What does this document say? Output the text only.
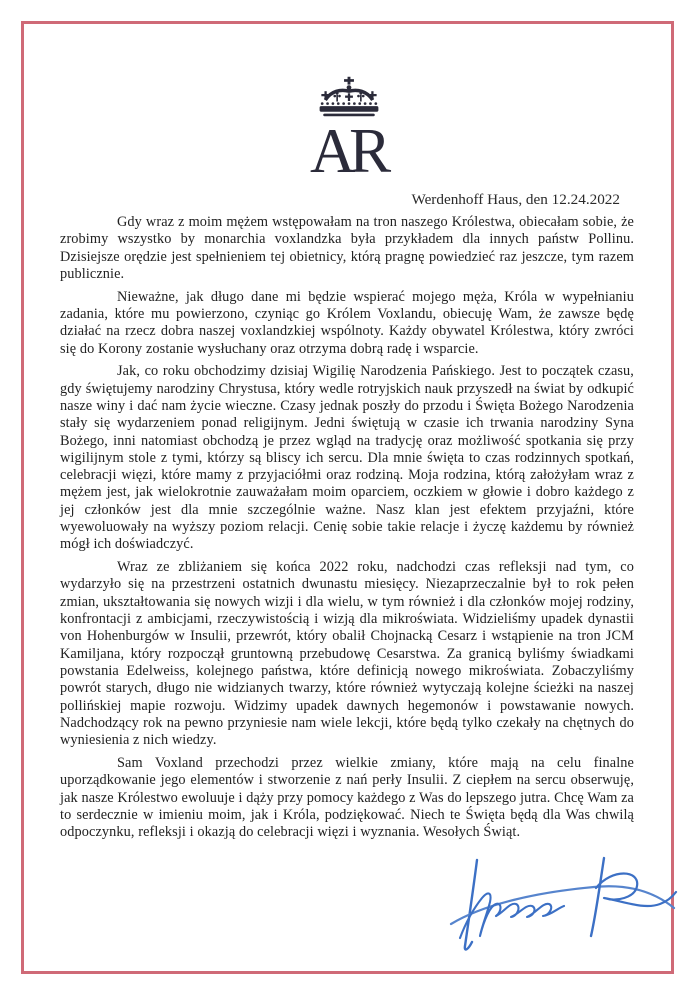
AR
Werdenhoff Haus, den 12.24.2022

Gdy wraz z moim mężem wstępowałam na tron naszego Królestwa, obiecałam sobie, że zrobimy wszystko by monarchia voxlandzka była przykładem dla innych państw Pollinu. Dzisiejsze orędzie jest spełnieniem tej obietnicy, którą pragnę powiedzieć raz jeszcze, tym razem publicznie.

Nieważne, jak długo dane mi będzie wspierać mojego męża, Króla w wypełnianiu zadania, które mu powierzono, czyniąc go Królem Voxlandu, obiecuję Wam, że zawsze będę działać na rzecz dobra naszej voxlandzkiej wspólnoty. Każdy obywatel Królestwa, który zwróci się do Korony zostanie wysłuchany oraz otrzyma dobrą radę i wsparcie.

Jak, co roku obchodzimy dzisiaj Wigilię Narodzenia Pańskiego. Jest to początek czasu, gdy świętujemy narodziny Chrystusa, który wedle rotryjskich nauk przyszedł na świat by odkupić nasze winy i dać nam życie wieczne. Czasy jednak poszły do przodu i Święta Bożego Narodzenia stały się wydarzeniem ponad religijnym. Jedni świętują w czasie ich trwania narodziny Syna Bożego, inni natomiast obchodzą je przez wgląd na tradycję oraz możliwość spotkania się przy wigilijnym stole z tymi, którzy są bliscy ich sercu. Dla mnie święta to czas rodzinnych spotkań, celebracji więzi, które mamy z przyjaciółmi oraz rodziną. Moja rodzina, którą założyłam wraz z mężem jest, jak wielokrotnie zauważałam moim oparciem, oczkiem w głowie i dobro każdego z jej członków jest dla mnie szczególnie ważne. Nasz klan jest efektem przyjaźni, które wyewoluowały na wyższy poziom relacji. Cenię sobie takie relacje i życzę każdemu by również mógł ich doświadczyć.

Wraz ze zbliżaniem się końca 2022 roku, nadchodzi czas refleksji nad tym, co wydarzyło się na przestrzeni ostatnich dwunastu miesięcy. Niezaprzeczalnie był to rok pełen zmian, ukształtowania się nowych wizji i dla wielu, w tym również i dla członków mojej rodziny, konfrontacji z ambicjami, rzeczywistością i wizją dla mikroświata. Widzieliśmy upadek dynastii von Hohenburgów w Insulii, przewrót, który obalił Chojnacką Cesarz i wstąpienie na tron JCM Kamiljana, który rozpoczął gruntowną przebudowę Cesarstwa. Za granicą byliśmy świadkami powstania Edelweiss, kolejnego państwa, które definicją nowego mikroświata. Zobaczyliśmy powrót starych, długo nie widzianych twarzy, które również wytyczają kolejne ścieżki na naszej pollińskiej mapie rozwoju. Widzimy upadek dawnych hegemonów i powstawanie nowych. Nadchodzący rok na pewno przyniesie nam wiele lekcji, które będą tylko czekały na chętnych do wyniesienia z nich wiedzy.

Sam Voxland przechodzi przez wielkie zmiany, które mają na celu finalne uporządkowanie jego elementów i stworzenie z nań perły Insulii. Z ciepłem na sercu obserwuję, jak nasze Królestwo ewoluuje i dąży przy pomocy każdego z Was do lepszego jutra. Chcę Wam za to serdecznie w imieniu moim, jak i Króla, podziękować. Niech te Święta będą dla Was chwilą odpoczynku, refleksji i okazją do celebracji więzi i wyznania. Wesołych Świąt.
